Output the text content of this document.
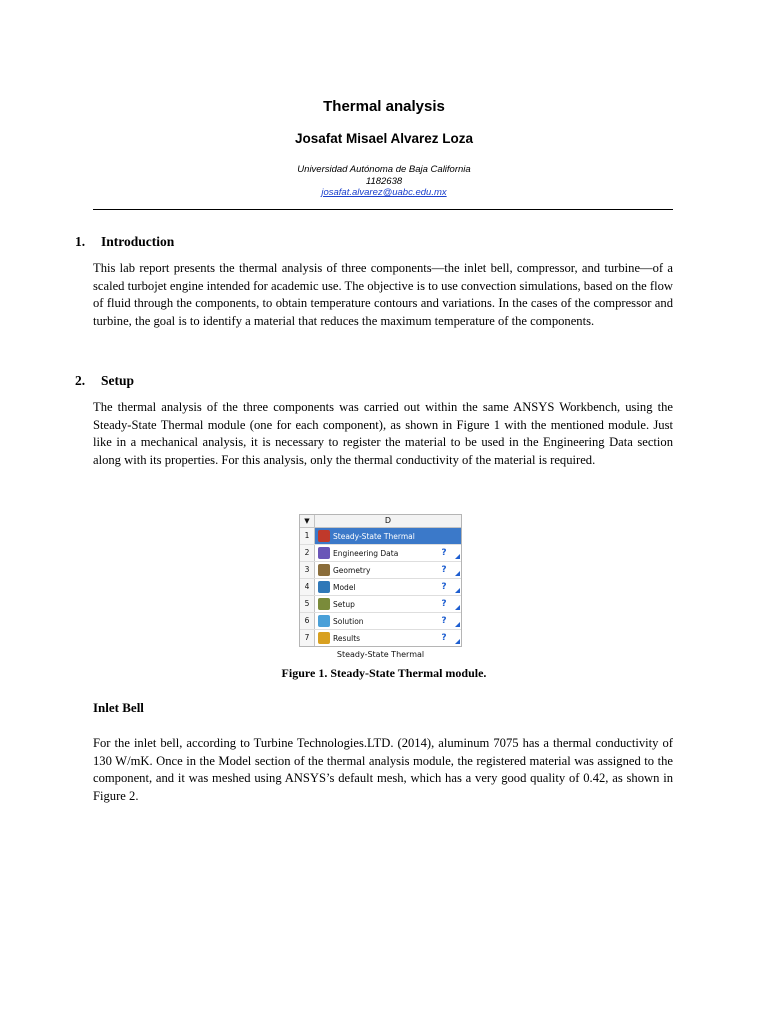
Thermal analysis
Josafat Misael Alvarez Loza
Universidad Autónoma de Baja California
1182638
josafat.alvarez@uabc.edu.mx
1. Introduction
This lab report presents the thermal analysis of three components—the inlet bell, compressor, and turbine—of a scaled turbojet engine intended for academic use. The objective is to use convection simulations, based on the flow of fluid through the components, to obtain temperature contours and variations. In the cases of the compressor and turbine, the goal is to identify a material that reduces the maximum temperature of the components.
2. Setup
The thermal analysis of the three components was carried out within the same ANSYS Workbench, using the Steady-State Thermal module (one for each component), as shown in Figure 1 with the mentioned module. Just like in a mechanical analysis, it is necessary to register the material to be used in the Engineering Data section along with its properties. For this analysis, only the thermal conductivity of the material is required.
▼	D
1	Steady-State Thermal
2	Engineering Data	?
3	Geometry	?
4	Model	?
5	Setup	?
6	Solution	?
7	Results	?
Steady-State Thermal
Figure 1. Steady-State Thermal module.
Inlet Bell
For the inlet bell, according to Turbine Technologies.LTD. (2014), aluminum 7075 has a thermal conductivity of 130 W/mK. Once in the Model section of the thermal analysis module, the registered material was assigned to the component, and it was meshed using ANSYS’s default mesh, which has a very good quality of 0.42, as shown in Figure 2.
